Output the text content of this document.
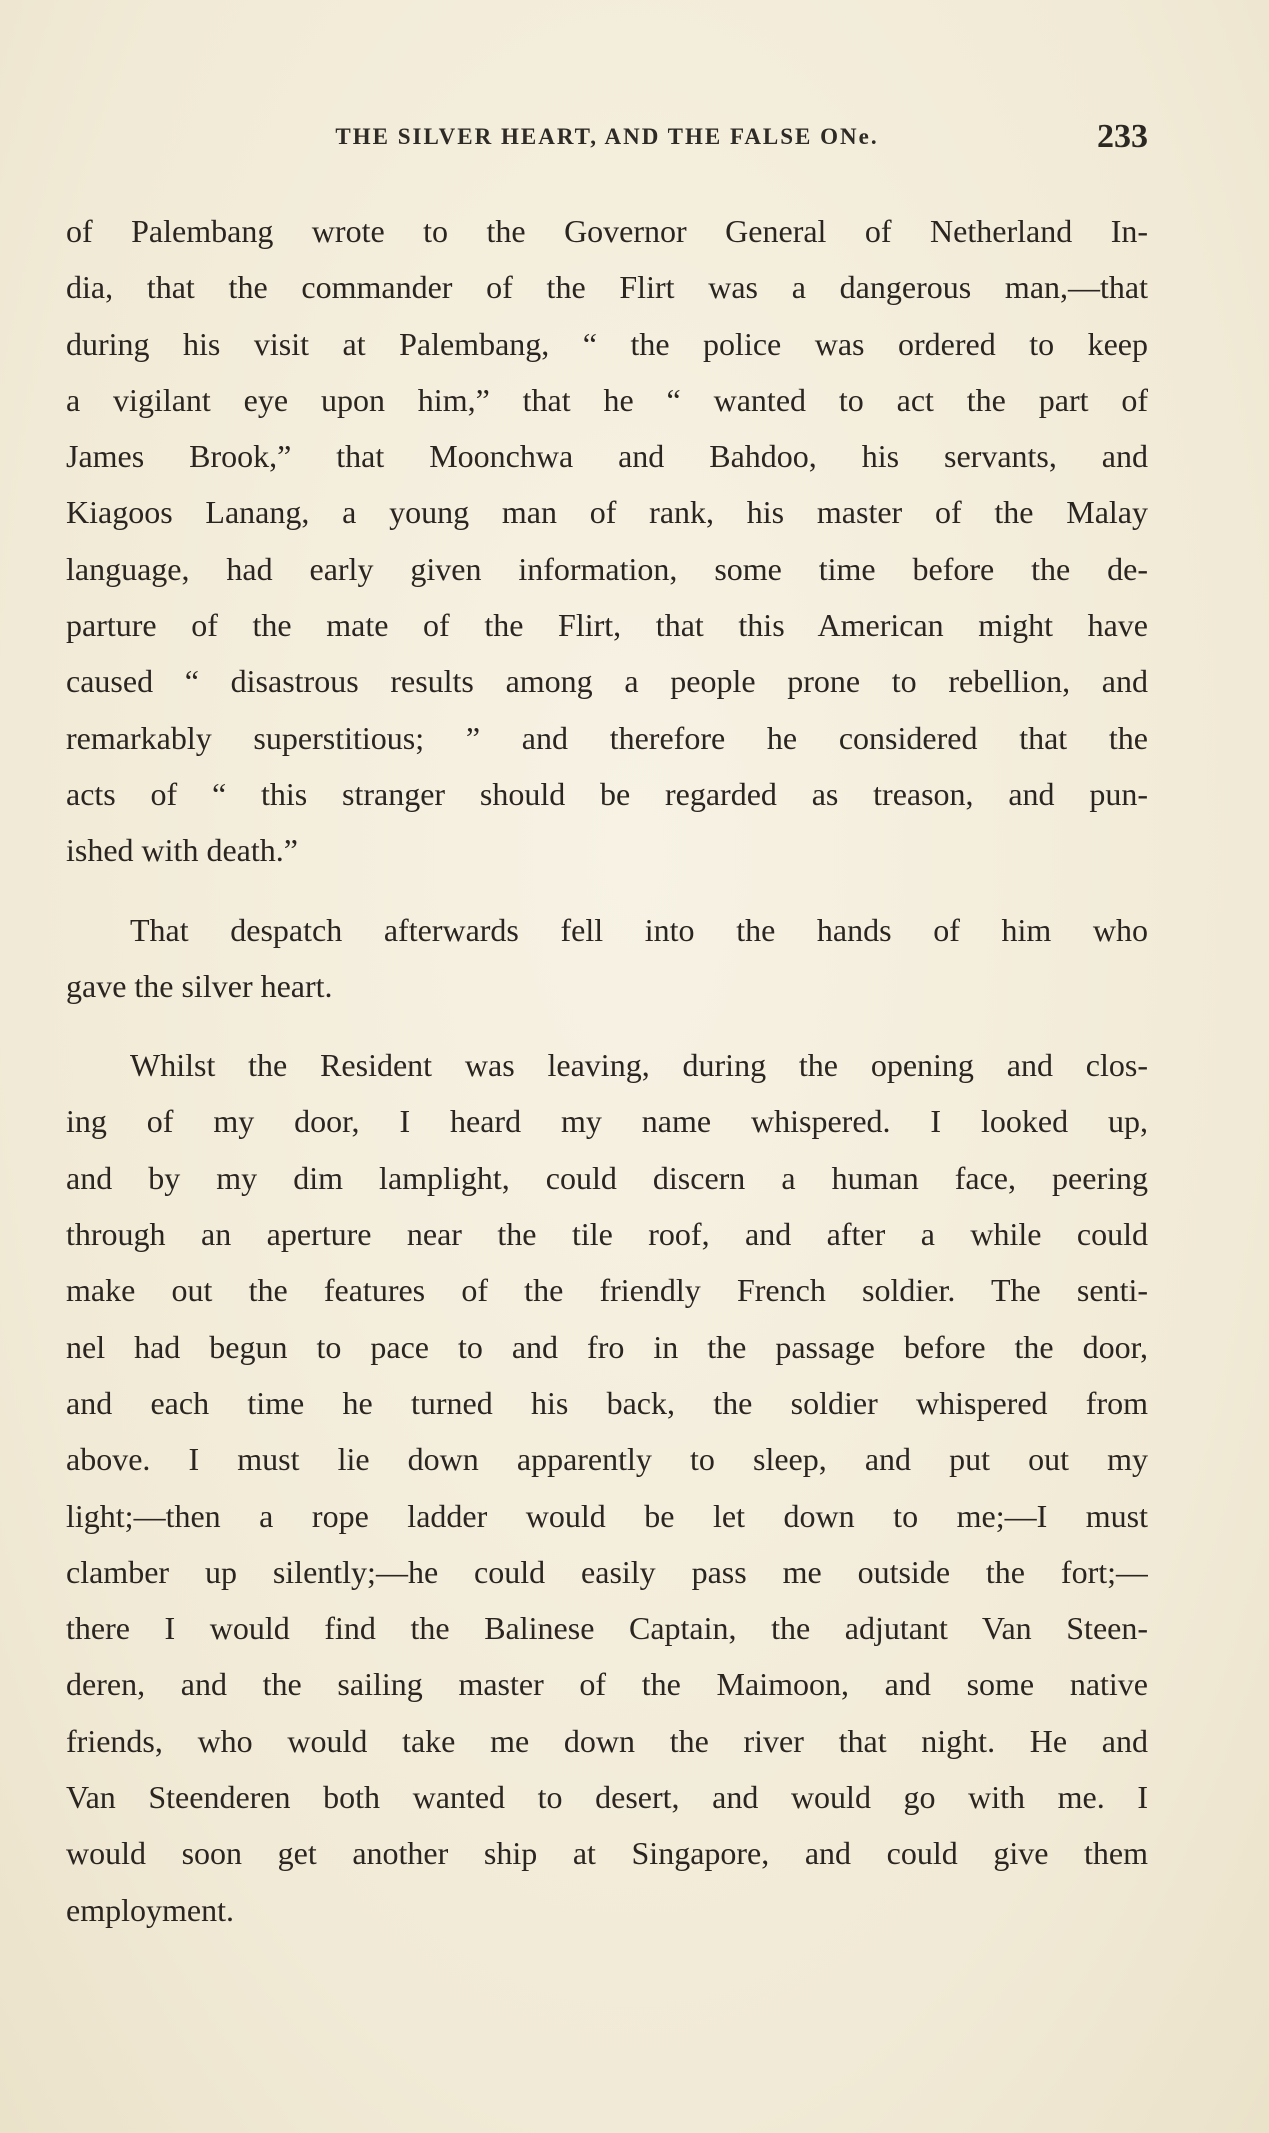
THE SILVER HEART, AND THE FALSE ONe.	233
of Palembang wrote to the Governor General of Netherland In-
dia, that the commander of the Flirt was a dangerous man,—that
during his visit at Palembang, “ the police was ordered to keep
a vigilant eye upon him,” that he “ wanted to act the part of
James Brook,” that Moonchwa and Bahdoo, his servants, and
Kiagoos Lanang, a young man of rank, his master of the Malay
language, had early given information, some time before the de-
parture of the mate of the Flirt, that this American might have
caused “ disastrous results among a people prone to rebellion, and
remarkably superstitious; ” and therefore he considered that the
acts of “ this stranger should be regarded as treason, and pun-
ished with death.”
That despatch afterwards fell into the hands of him who
gave the silver heart.
Whilst the Resident was leaving, during the opening and clos-
ing of my door, I heard my name whispered. I looked up,
and by my dim lamplight, could discern a human face, peering
through an aperture near the tile roof, and after a while could
make out the features of the friendly French soldier. The senti-
nel had begun to pace to and fro in the passage before the door,
and each time he turned his back, the soldier whispered from
above. I must lie down apparently to sleep, and put out my
light;—then a rope ladder would be let down to me;—I must
clamber up silently;—he could easily pass me outside the fort;—
there I would find the Balinese Captain, the adjutant Van Steen-
deren, and the sailing master of the Maimoon, and some native
friends, who would take me down the river that night. He and
Van Steenderen both wanted to desert, and would go with me. I
would soon get another ship at Singapore, and could give them
employment.
